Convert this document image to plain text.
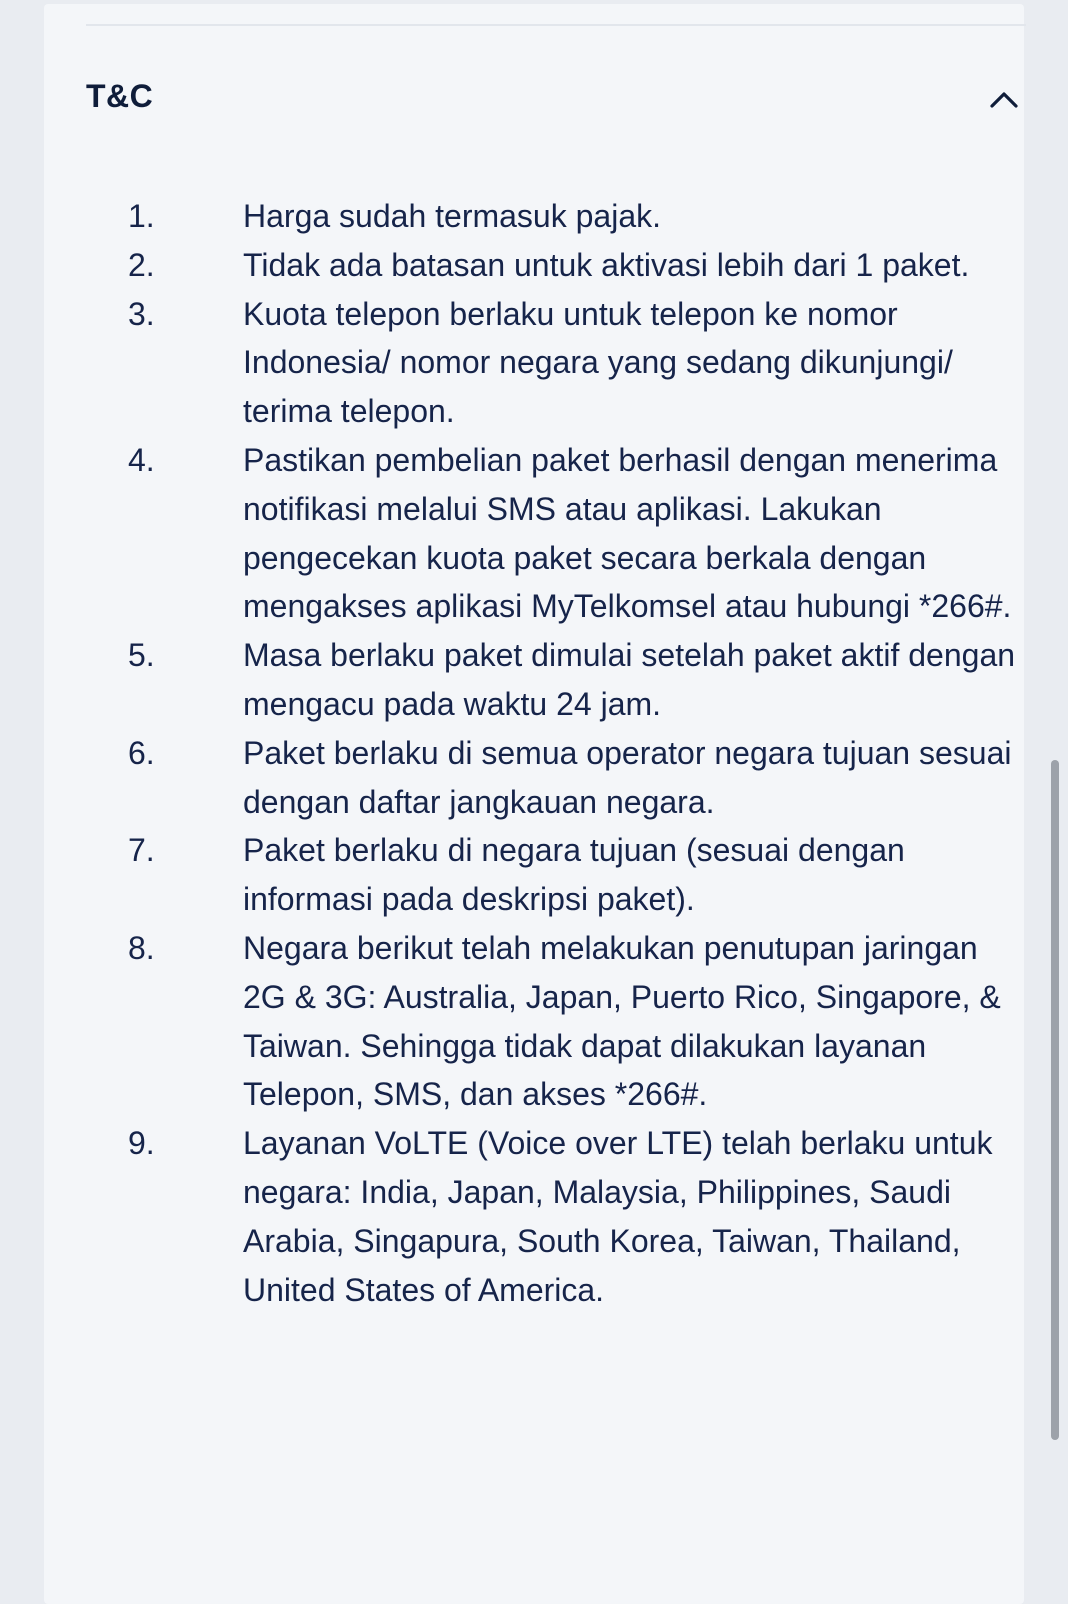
T&C
1.	Harga sudah termasuk pajak.
2.	Tidak ada batasan untuk aktivasi lebih dari 1 paket.
3.	Kuota telepon berlaku untuk telepon ke nomor Indonesia/ nomor negara yang sedang dikunjungi/ terima telepon.
4.	Pastikan pembelian paket berhasil dengan menerima notifikasi melalui SMS atau aplikasi. Lakukan pengecekan kuota paket secara berkala dengan mengakses aplikasi MyTelkomsel atau hubungi *266#.
5.	Masa berlaku paket dimulai setelah paket aktif dengan mengacu pada waktu 24 jam.
6.	Paket berlaku di semua operator negara tujuan sesuai dengan daftar jangkauan negara.
7.	Paket berlaku di negara tujuan (sesuai dengan informasi pada deskripsi paket).
8.	Negara berikut telah melakukan penutupan jaringan 2G & 3G: Australia, Japan, Puerto Rico, Singapore, & Taiwan. Sehingga tidak dapat dilakukan layanan Telepon, SMS, dan akses *266#.
9.	Layanan VoLTE (Voice over LTE) telah berlaku untuk negara: India, Japan, Malaysia, Philippines, Saudi Arabia, Singapura, South Korea, Taiwan, Thailand, United States of America.
